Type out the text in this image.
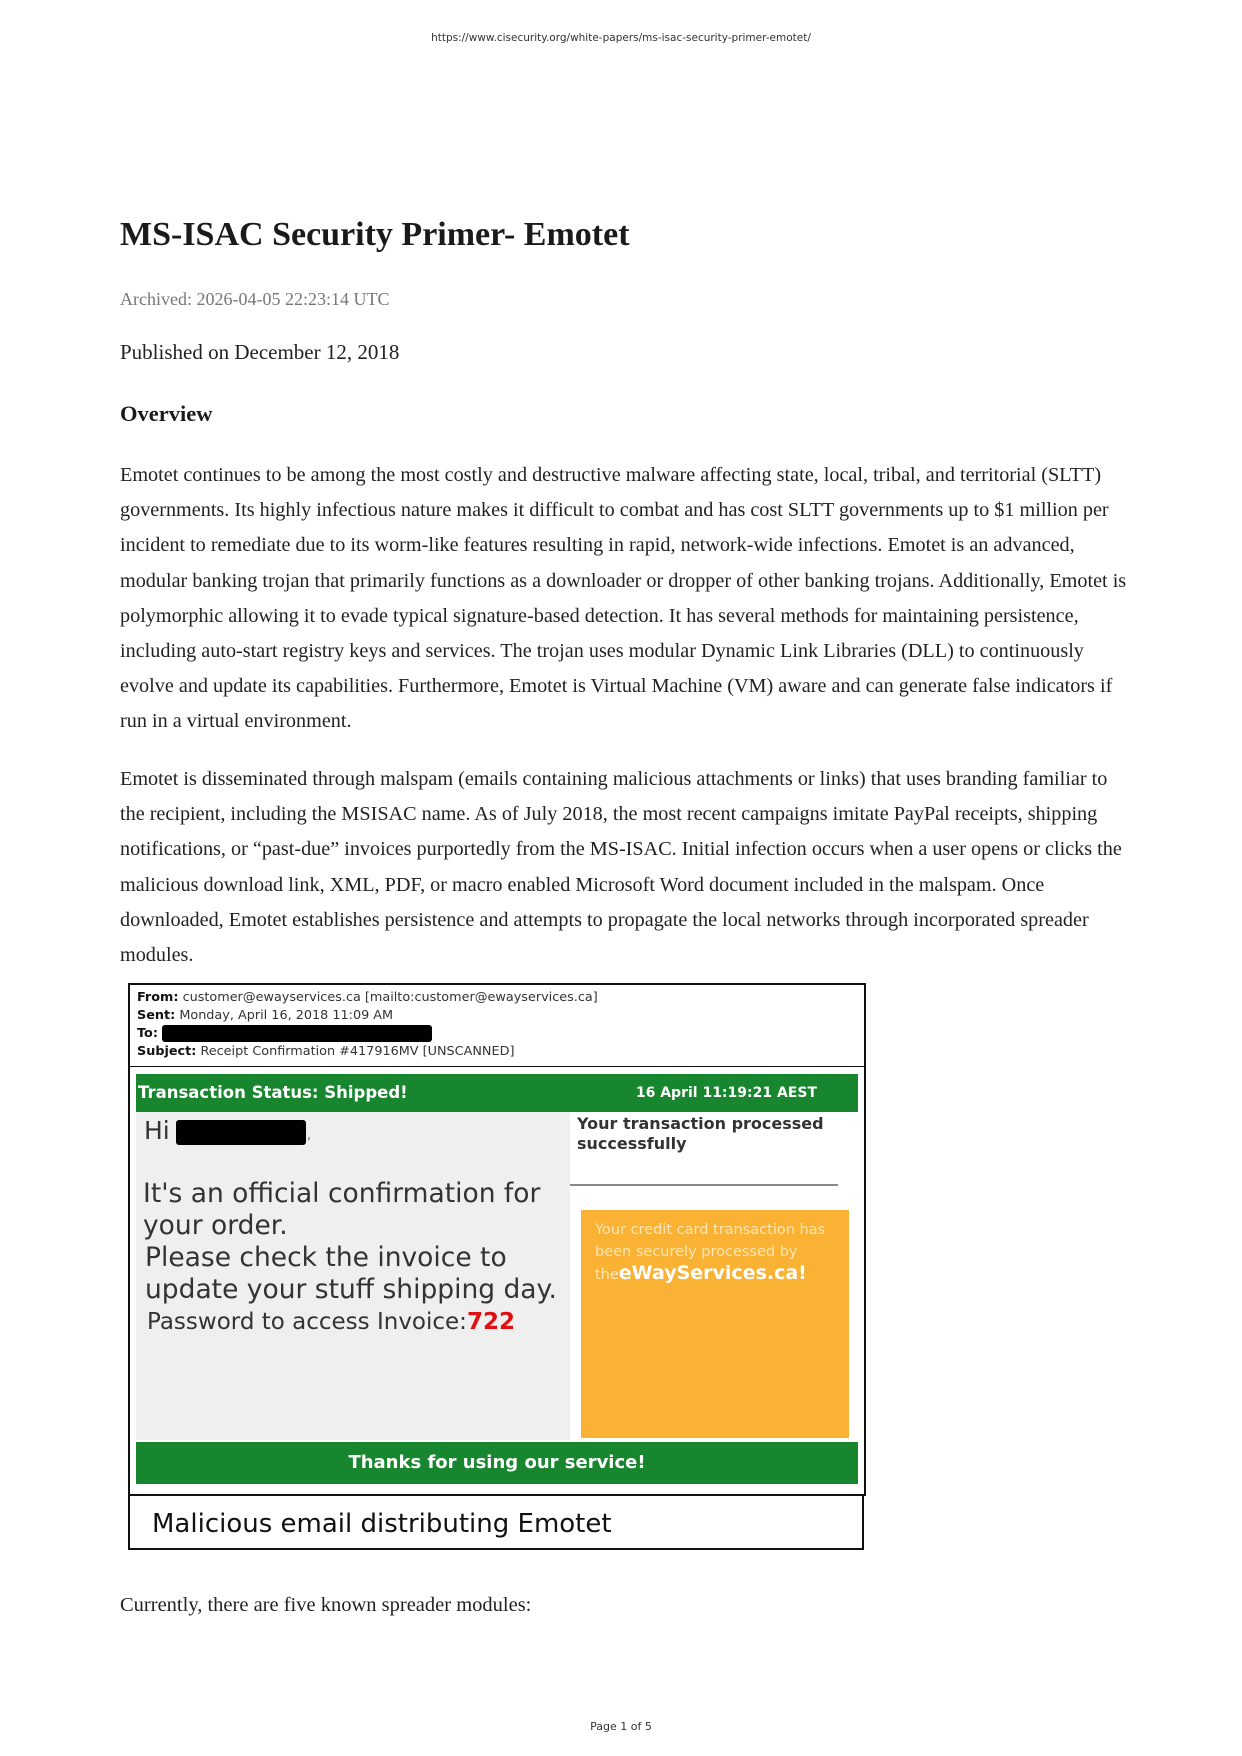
https://www.cisecurity.org/white-papers/ms-isac-security-primer-emotet/
MS-ISAC Security Primer- Emotet
Archived: 2026-04-05 22:23:14 UTC
Published on December 12, 2018
Overview

Emotet continues to be among the most costly and destructive malware affecting state, local, tribal, and territorial (SLTT) governments. Its highly infectious nature makes it difficult to combat and has cost SLTT governments up to $1 million per incident to remediate due to its worm-like features resulting in rapid, network-wide infections. Emotet is an advanced, modular banking trojan that primarily functions as a downloader or dropper of other banking trojans. Additionally, Emotet is polymorphic allowing it to evade typical signature-based detection. It has several methods for maintaining persistence, including auto-start registry keys and services. The trojan uses modular Dynamic Link Libraries (DLL) to continuously evolve and update its capabilities. Furthermore, Emotet is Virtual Machine (VM) aware and can generate false indicators if run in a virtual environment.

Emotet is disseminated through malspam (emails containing malicious attachments or links) that uses branding familiar to the recipient, including the MSISAC name. As of July 2018, the most recent campaigns imitate PayPal receipts, shipping notifications, or “past-due” invoices purportedly from the MS-ISAC. Initial infection occurs when a user opens or clicks the malicious download link, XML, PDF, or macro enabled Microsoft Word document included in the malspam. Once downloaded, Emotet establishes persistence and attempts to propagate the local networks through incorporated spreader modules.

From: customer@ewayservices.ca [mailto:customer@ewayservices.ca]
Sent: Monday, April 16, 2018 11:09 AM
To:
Subject: Receipt Confirmation #417916MV [UNSCANNED]
Transaction Status: Shipped!	16 April 11:19:21 AEST
Hi	,
It's an official confirmation for your order.
Please check the invoice to update your stuff shipping day.
Password to access Invoice:722
Your transaction processed successfully
Your credit card transaction has been securely processed by
theeWayServices.ca!
Thanks for using our service!
Malicious email distributing Emotet

Currently, there are five known spreader modules:

Page 1 of 5
